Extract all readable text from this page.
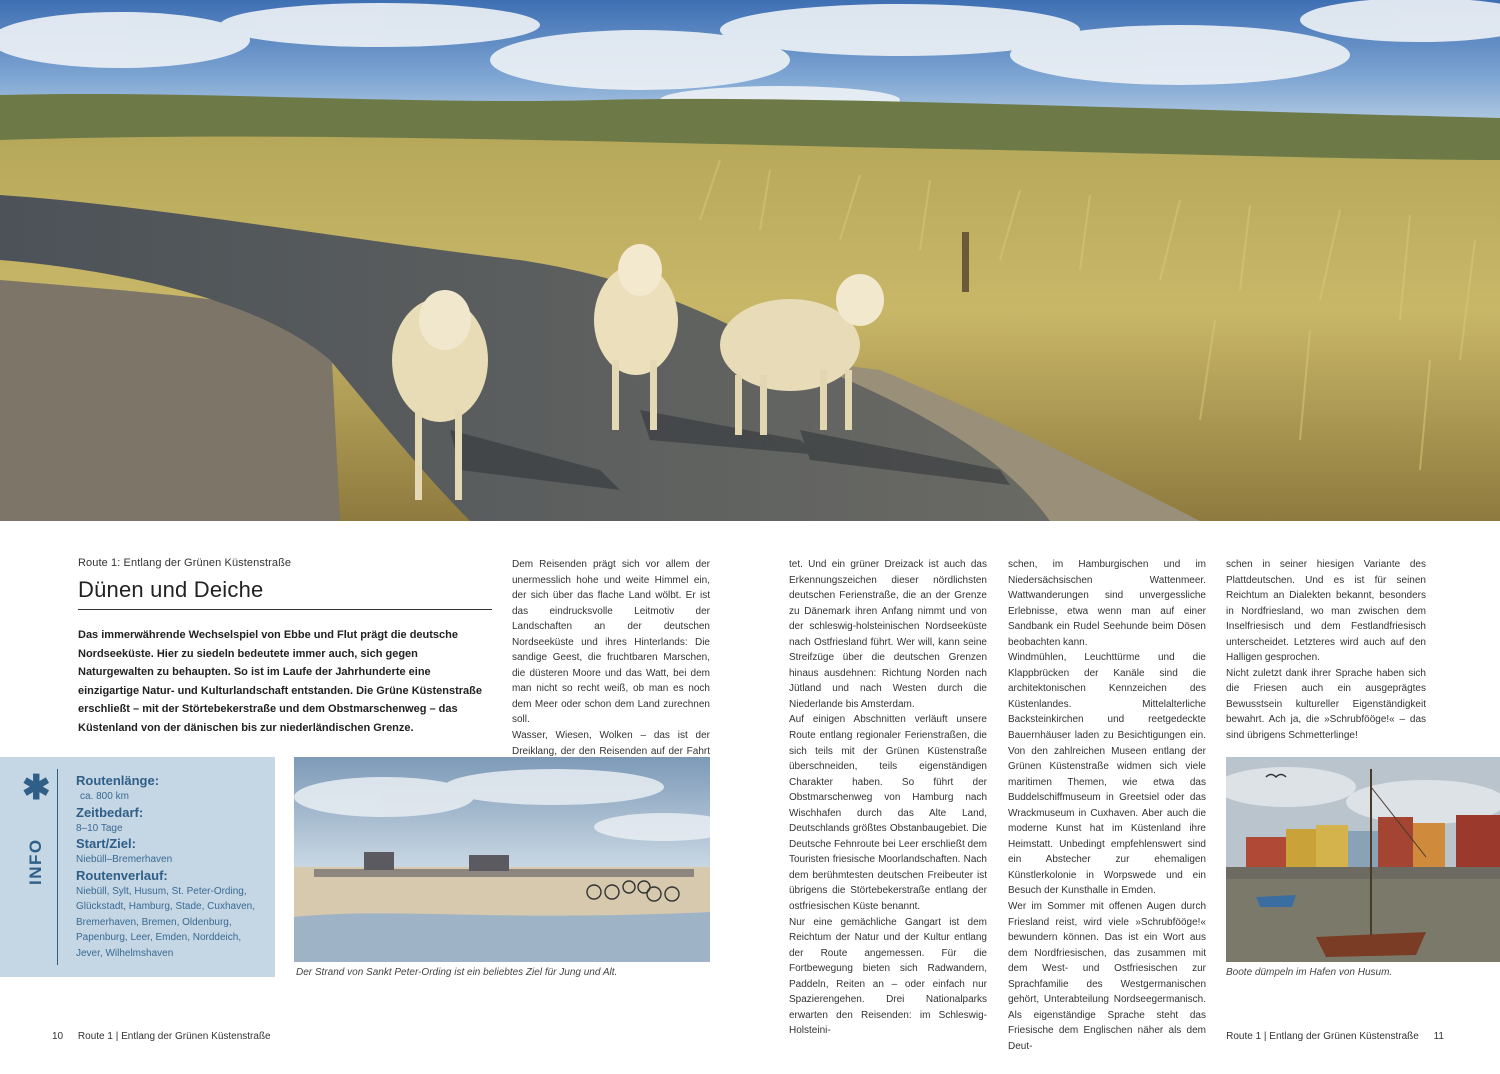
Route 1: Entlang der Grünen Küstenstraße
Dünen und Deiche
Das immerwährende Wechselspiel von Ebbe und Flut prägt die deutsche Nordseeküste. Hier zu siedeln bedeutete immer auch, sich gegen Naturgewalten zu behaupten. So ist im Laufe der Jahrhunderte eine einzigartige Natur- und Kulturlandschaft entstanden. Die Grüne Küstenstraße erschließt – mit der Störtebekerstraße und dem Obstmarschenweg – das Küstenland von der dänischen bis zur niederländischen Grenze.

Dem Reisenden prägt sich vor allem der unermesslich hohe und weite Himmel ein, der sich über das flache Land wölbt. Er ist das eindrucksvolle Leitmotiv der Landschaften an der deutschen Nordseeküste und ihres Hinterlands: Die sandige Geest, die fruchtbaren Marschen, die düsteren Moore und das Watt, bei dem man nicht so recht weiß, ob man es noch dem Meer oder schon dem Land zurechnen soll.

Wasser, Wiesen, Wolken – das ist der Dreiklang, der den Reisenden auf der Fahrt

tet. Und ein grüner Dreizack ist auch das Erkennungszeichen dieser nördlichsten deutschen Ferienstraße, die an der Grenze zu Dänemark ihren Anfang nimmt und von der schleswig-holsteinischen Nordseeküste nach Ostfriesland führt. Wer will, kann seine Streifzüge über die deutschen Grenzen hinaus ausdehnen: Richtung Norden nach Jütland und nach Westen durch die Niederlande bis Amsterdam.

Auf einigen Abschnitten verläuft unsere Route entlang regionaler Ferienstraßen, die sich teils mit der Grünen Küstenstraße überschneiden, teils eigenständigen Charakter haben. So führt der Obstmarschenweg von Hamburg nach Wischhafen durch das Alte Land, Deutschlands größtes Obstanbaugebiet. Die Deutsche Fehnroute bei Leer erschließt dem Touristen friesische Moorlandschaften. Nach dem berühmtesten deutschen Freibeuter ist übrigens die Störtebekerstraße entlang der ostfriesischen Küste benannt.

Nur eine gemächliche Gangart ist dem Reichtum der Natur und der Kultur entlang der Route angemessen. Für die Fortbewegung bieten sich Radwandern, Paddeln, Reiten an – oder einfach nur Spazierengehen. Drei Nationalparks erwarten den Reisenden: im Schleswig-Holsteini-

schen, im Hamburgischen und im Niedersächsischen Wattenmeer. Wattwanderungen sind unvergessliche Erlebnisse, etwa wenn man auf einer Sandbank ein Rudel Seehunde beim Dösen beobachten kann.

Windmühlen, Leuchttürme und die Klappbrücken der Kanäle sind die architektonischen Kennzeichen des Küstenlandes. Mittelalterliche Backsteinkirchen und reetgedeckte Bauernhäuser laden zu Besichtigungen ein. Von den zahlreichen Museen entlang der Grünen Küstenstraße widmen sich viele maritimen Themen, wie etwa das Buddelschiffmuseum in Greetsiel oder das Wrackmuseum in Cuxhaven. Aber auch die moderne Kunst hat im Küstenland ihre Heimstatt. Unbedingt empfehlenswert sind ein Abstecher zur ehemaligen Künstlerkolonie in Worpswede und ein Besuch der Kunsthalle in Emden.

Wer im Sommer mit offenen Augen durch Friesland reist, wird viele »Schrubfööge!« bewundern können. Das ist ein Wort aus dem Nordfriesischen, das zusammen mit dem West- und Ostfriesischen zur Sprachfamilie des Westgermanischen gehört, Unterabteilung Nordseegermanisch. Als eigenständige Sprache steht das Friesische dem Englischen näher als dem Deut-

schen in seiner hiesigen Variante des Plattdeutschen. Und es ist für seinen Reichtum an Dialekten bekannt, besonders in Nordfriesland, wo man zwischen dem Inselfriesisch und dem Festlandfriesisch unterscheidet. Letzteres wird auch auf den Halligen gesprochen.

Nicht zuletzt dank ihrer Sprache haben sich die Friesen auch ein ausgeprägtes Bewusstsein kultureller Eigenständigkeit bewahrt. Ach ja, die »Schrubfööge!« – das sind übrigens Schmetterlinge!

✱
INFO
Routenlänge:
ca. 800 km
Zeitbedarf:
8–10 Tage
Start/Ziel:
Niebüll–Bremerhaven
Routenverlauf:
Niebüll, Sylt, Husum, St. Peter-Ording, Glückstadt, Hamburg, Stade, Cuxhaven, Bremerhaven, Bremen, Oldenburg, Papenburg, Leer, Emden, Norddeich, Jever, Wilhelmshaven
Der Strand von Sankt Peter-Ording ist ein beliebtes Ziel für Jung und Alt.	Boote dümpeln im Hafen von Husum.
10 Route 1 | Entlang der Grünen Küstenstraße	Route 1 | Entlang der Grünen Küstenstraße 11
